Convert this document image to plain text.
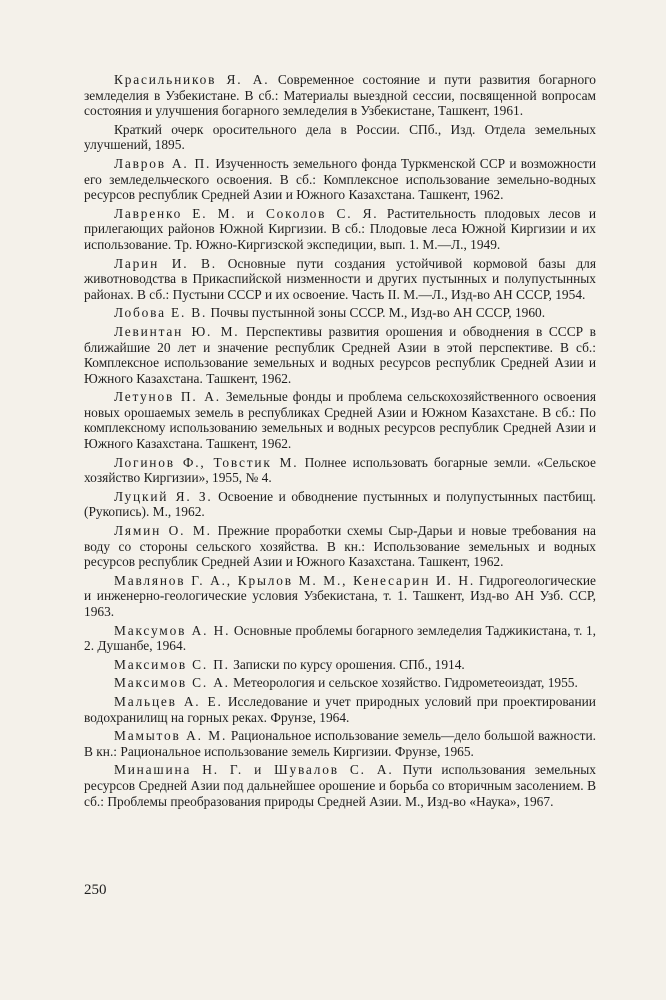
Красильников Я. А. Современное состояние и пути развития богарного земледелия в Узбекистане. В сб.: Материалы выездной сессии, посвященной вопросам состояния и улучшения богарного земледелия в Узбекистане, Ташкент, 1961.

Краткий очерк оросительного дела в России. СПб., Изд. Отдела земельных улучшений, 1895.

Лавров А. П. Изученность земельного фонда Туркменской ССР и возможности его земледельческого освоения. В сб.: Комплексное использование земельно-водных ресурсов республик Средней Азии и Южного Казахстана. Ташкент, 1962.

Лавренко Е. М. и Соколов С. Я. Растительность плодовых лесов и прилегающих районов Южной Киргизии. В сб.: Плодовые леса Южной Киргизии и их использование. Тр. Южно-Киргизской экспедиции, вып. 1. М.—Л., 1949.

Ларин И. В. Основные пути создания устойчивой кормовой базы для животноводства в Прикаспийской низменности и других пустынных и полупустынных районах. В сб.: Пустыни СССР и их освоение. Часть II. М.—Л., Изд-во АН СССР, 1954.

Лобова Е. В. Почвы пустынной зоны СССР. М., Изд-во АН СССР, 1960.

Левинтан Ю. М. Перспективы развития орошения и обводнения в СССР в ближайшие 20 лет и значение республик Средней Азии в этой перспективе. В сб.: Комплексное использование земельных и водных ресурсов республик Средней Азии и Южного Казахстана. Ташкент, 1962.

Летунов П. А. Земельные фонды и проблема сельскохозяйственного освоения новых орошаемых земель в республиках Средней Азии и Южном Казахстане. В сб.: По комплексному использованию земельных и водных ресурсов республик Средней Азии и Южного Казахстана. Ташкент, 1962.

Логинов Ф., Товстик М. Полнее использовать богарные земли. «Сельское хозяйство Киргизии», 1955, № 4.

Луцкий Я. З. Освоение и обводнение пустынных и полупустынных пастбищ. (Рукопись). М., 1962.

Лямин О. М. Прежние проработки схемы Сыр-Дарьи и новые требования на воду со стороны сельского хозяйства. В кн.: Использование земельных и водных ресурсов республик Средней Азии и Южного Казахстана. Ташкент, 1962.

Мавлянов Г. А., Крылов М. М., Кенесарин И. Н. Гидрогеологические и инженерно-геологические условия Узбекистана, т. 1. Ташкент, Изд-во АН Узб. ССР, 1963.

Максумов А. Н. Основные проблемы богарного земледелия Таджикистана, т. 1, 2. Душанбе, 1964.

Максимов С. П. Записки по курсу орошения. СПб., 1914.

Максимов С. А. Метеорология и сельское хозяйство. Гидрометеоиздат, 1955.

Мальцев А. Е. Исследование и учет природных условий при проектировании водохранилищ на горных реках. Фрунзе, 1964.

Мамытов А. М. Рациональное использование земель—дело большой важности. В кн.: Рациональное использование земель Киргизии. Фрунзе, 1965.

Минашина Н. Г. и Шувалов С. А. Пути использования земельных ресурсов Средней Азии под дальнейшее орошение и борьба со вторичным засолением. В сб.: Проблемы преобразования природы Средней Азии. М., Изд-во «Наука», 1967.

250
